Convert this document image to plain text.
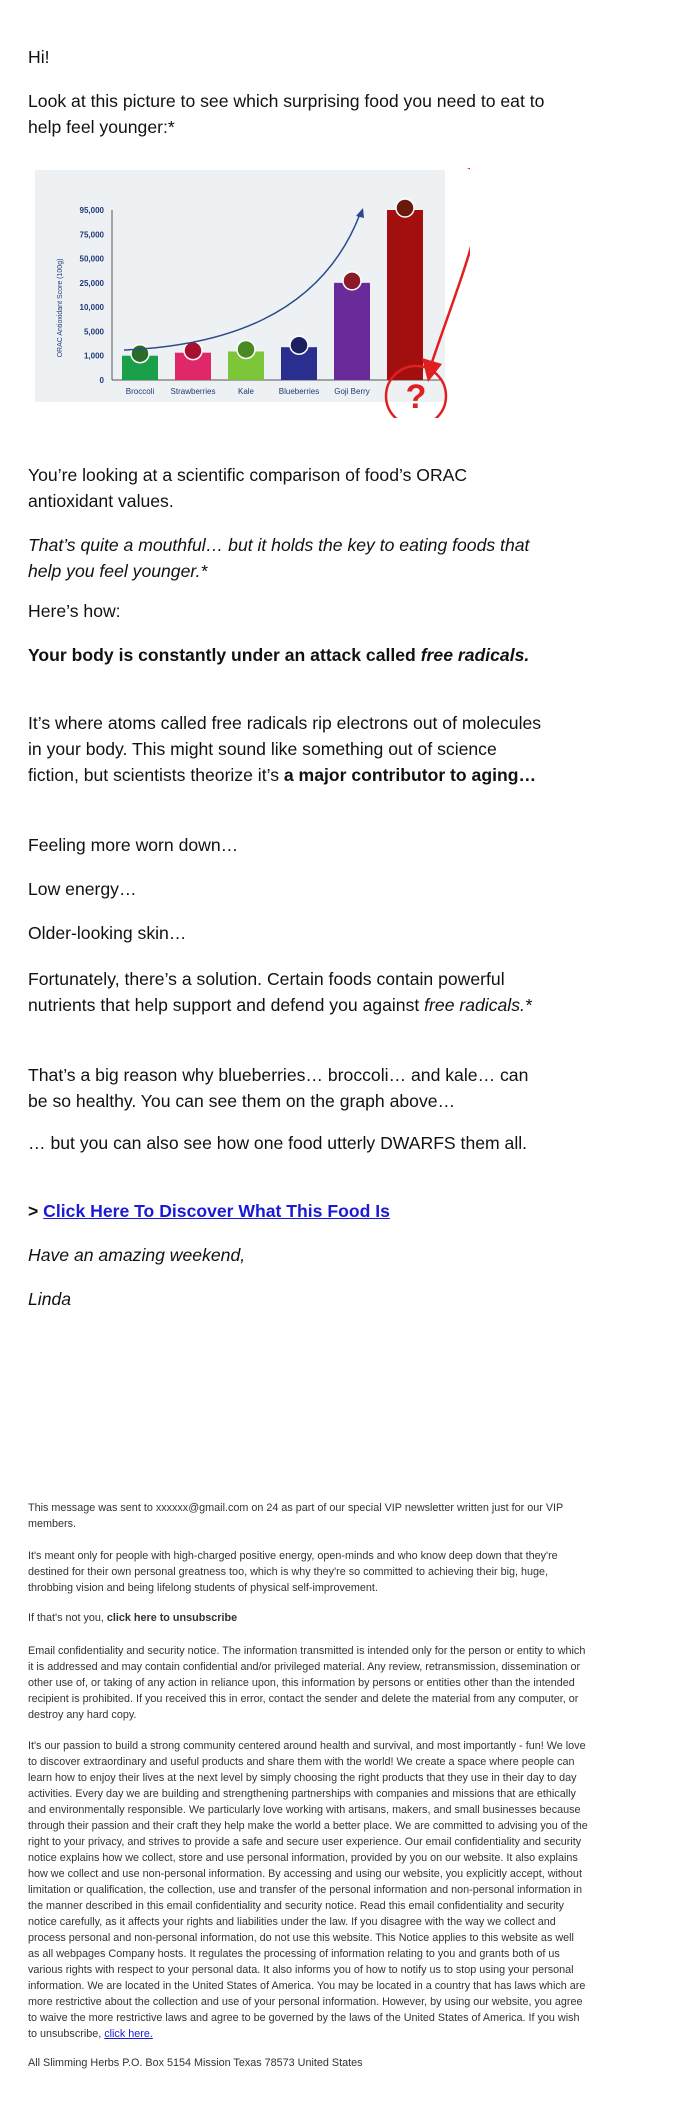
Hi!

Look at this picture to see which surprising food you need to eat to help feel younger:*

0
1,000
5,000
10,000
25,000
50,000
75,000
95,000
ORAC Antioxidant Score (100g)
Broccoli Strawberries	Kale	Blueberries Goji Berry ?

You’re looking at a scientific comparison of food’s ORAC antioxidant values.

That’s quite a mouthful… but it holds the key to eating foods that help you feel younger.*

Here’s how:

Your body is constantly under an attack called free radicals.

It’s where atoms called free radicals rip electrons out of molecules in your body. This might sound like something out of science fiction, but scientists theorize it’s a major contributor to aging…

Feeling more worn down…

Low energy…

Older-looking skin…

Fortunately, there’s a solution. Certain foods contain powerful nutrients that help support and defend you against free radicals.*

That’s a big reason why blueberries… broccoli… and kale… can be so healthy. You can see them on the graph above…

… but you can also see how one food utterly DWARFS them all.

> Click Here To Discover What This Food Is

Have an amazing weekend,

Linda

This message was sent to xxxxxx@gmail.com on 24 as part of our special VIP newsletter written just for our VIP members.

It's meant only for people with high-charged positive energy, open-minds and who know deep down that they're destined for their own personal greatness too, which is why they're so committed to achieving their big, huge, throbbing vision and being lifelong students of physical self-improvement.

If that's not you, click here to unsubscribe

Email confidentiality and security notice. The information transmitted is intended only for the person or entity to which it is addressed and may contain confidential and/or privileged material. Any review, retransmission, dissemination or other use of, or taking of any action in reliance upon, this information by persons or entities other than the intended recipient is prohibited. If you received this in error, contact the sender and delete the material from any computer, or destroy any hard copy.

It's our passion to build a strong community centered around health and survival, and most importantly - fun! We love to discover extraordinary and useful products and share them with the world! We create a space where people can learn how to enjoy their lives at the next level by simply choosing the right products that they use in their day to day activities. Every day we are building and strengthening partnerships with companies and missions that are ethically and environmentally responsible. We particularly love working with artisans, makers, and small businesses because through their passion and their craft they help make the world a better place. We are committed to advising you of the right to your privacy, and strives to provide a safe and secure user experience. Our email confidentiality and security notice explains how we collect, store and use personal information, provided by you on our website. It also explains how we collect and use non-personal information. By accessing and using our website, you explicitly accept, without limitation or qualification, the collection, use and transfer of the personal information and non-personal information in the manner described in this email confidentiality and security notice. Read this email confidentiality and security notice carefully, as it affects your rights and liabilities under the law. If you disagree with the way we collect and process personal and non-personal information, do not use this website. This Notice applies to this website as well as all webpages Company hosts. It regulates the processing of information relating to you and grants both of us various rights with respect to your personal data. It also informs you of how to notify us to stop using your personal information. We are located in the United States of America. You may be located in a country that has laws which are more restrictive about the collection and use of your personal information. However, by using our website, you agree to waive the more restrictive laws and agree to be governed by the laws of the United States of America. If you wish to unsubscribe, click here.

All Slimming Herbs P.O. Box 5154 Mission Texas 78573 United States
